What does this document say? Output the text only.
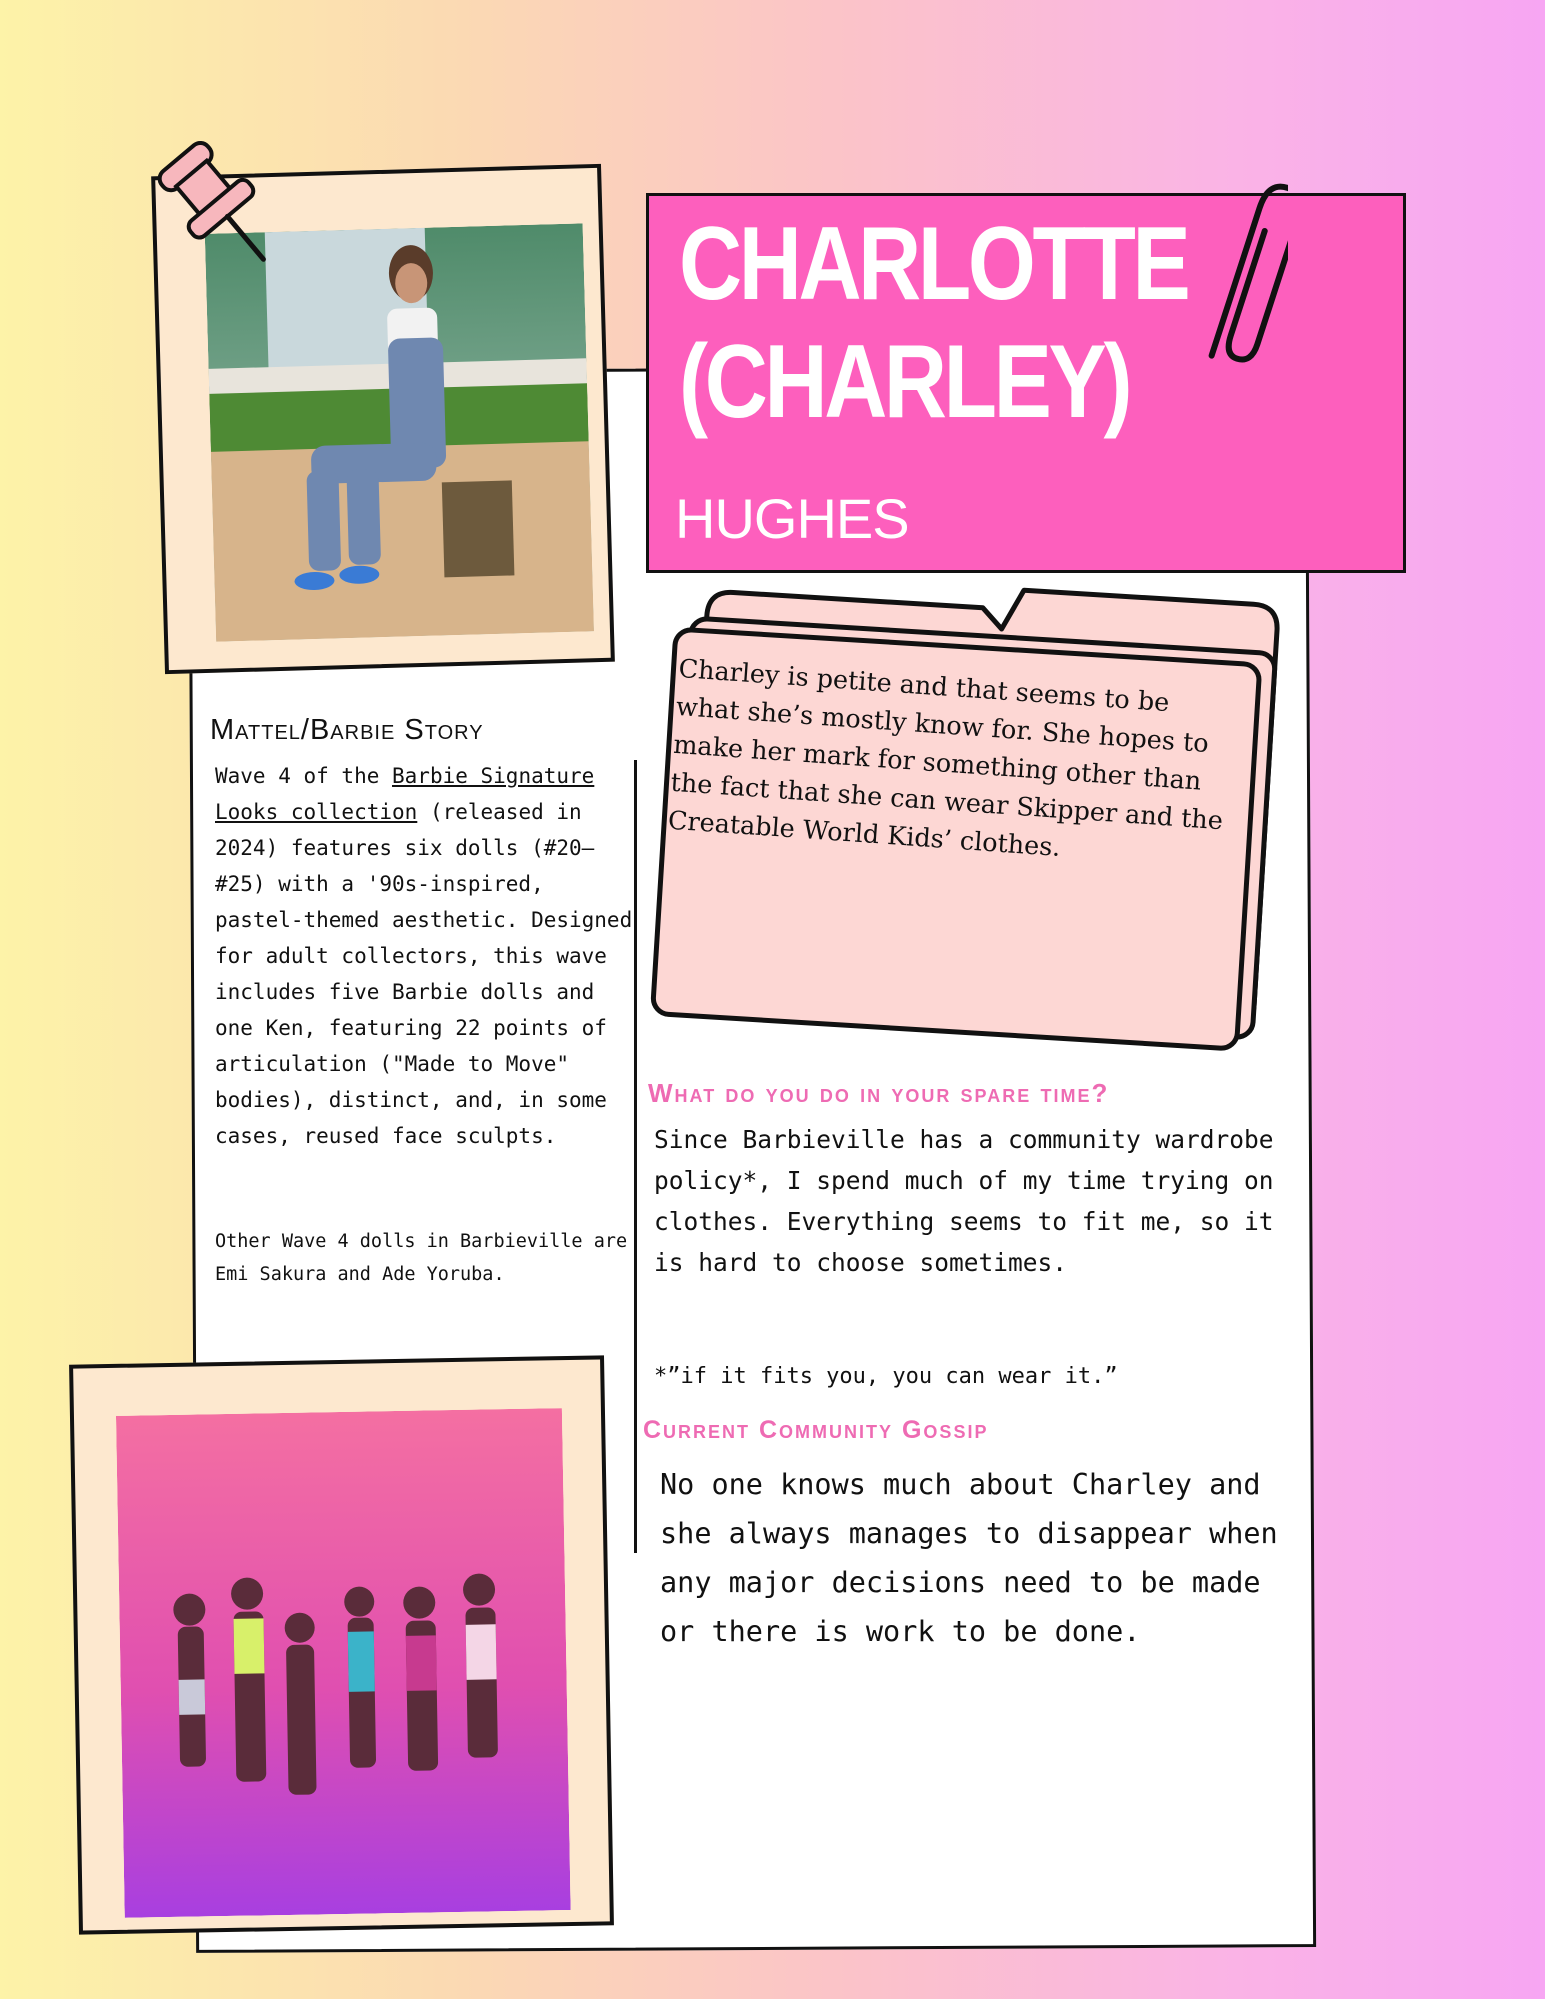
CHARLOTTE
(CHARLEY)
HUGHES
Charley is petite and that seems to be what she’s mostly know for. She hopes to make her mark for something other than the fact that she can wear Skipper and the Creatable World Kids’ clothes.
Mattel/Barbie Story
Wave 4 of the Barbie Signature Looks collection (released in 2024) features six dolls (#20–#25) with a '90s-inspired, pastel-themed aesthetic. Designed for adult collectors, this wave includes five Barbie dolls and one Ken, featuring 22 points of articulation ("Made to Move" bodies), distinct, and, in some cases, reused face sculpts.
Other Wave 4 dolls in Barbieville are Emi Sakura and Ade Yoruba.
What do you do in your spare time?
Since Barbieville has a community wardrobe policy*, I spend much of my time trying on clothes. Everything seems to fit me, so it is hard to choose sometimes.
*”if it fits you, you can wear it.”
Current Community Gossip
No one knows much about Charley and she always manages to disappear when any major decisions need to be made or there is work to be done.
